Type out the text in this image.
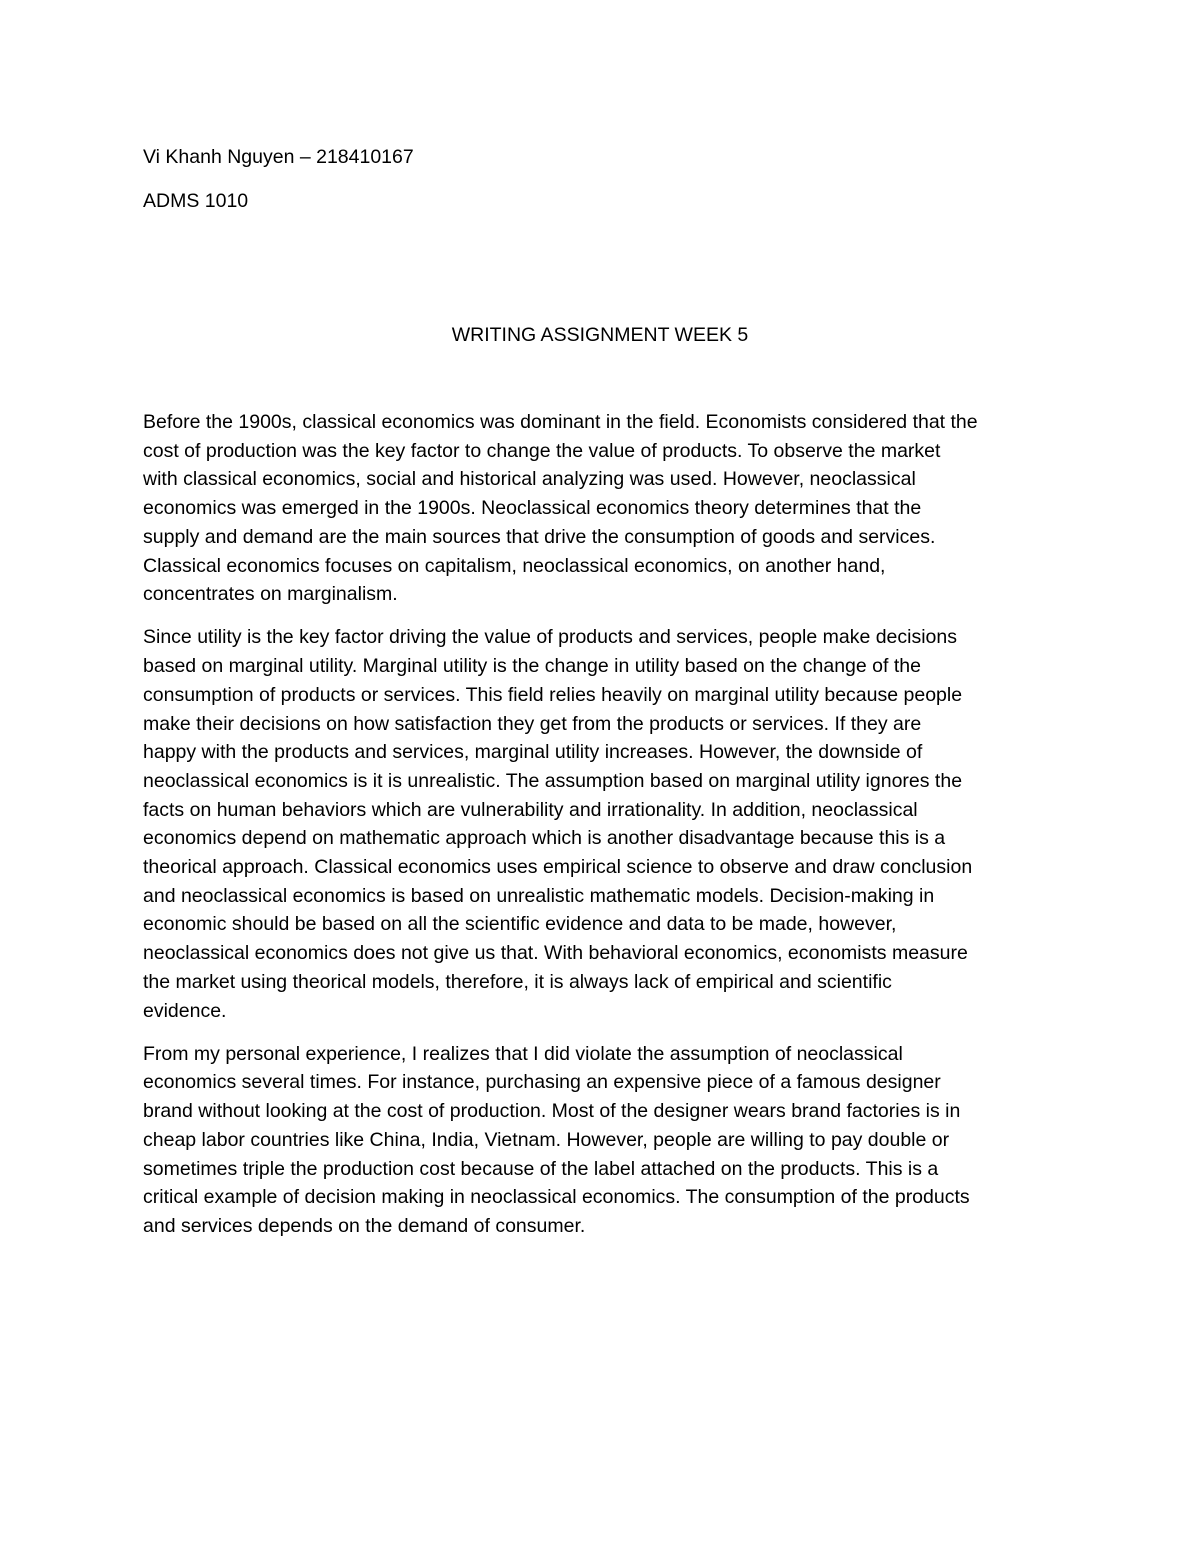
Vi Khanh Nguyen – 218410167
ADMS 1010
WRITING ASSIGNMENT WEEK 5

Before the 1900s, classical economics was dominant in the field. Economists considered that the
cost of production was the key factor to change the value of products. To observe the market
with classical economics, social and historical analyzing was used. However, neoclassical
economics was emerged in the 1900s. Neoclassical economics theory determines that the
supply and demand are the main sources that drive the consumption of goods and services.
Classical economics focuses on capitalism, neoclassical economics, on another hand,
concentrates on marginalism.

Since utility is the key factor driving the value of products and services, people make decisions
based on marginal utility. Marginal utility is the change in utility based on the change of the
consumption of products or services. This field relies heavily on marginal utility because people
make their decisions on how satisfaction they get from the products or services. If they are
happy with the products and services, marginal utility increases. However, the downside of
neoclassical economics is it is unrealistic. The assumption based on marginal utility ignores the
facts on human behaviors which are vulnerability and irrationality. In addition, neoclassical
economics depend on mathematic approach which is another disadvantage because this is a
theorical approach. Classical economics uses empirical science to observe and draw conclusion
and neoclassical economics is based on unrealistic mathematic models. Decision-making in
economic should be based on all the scientific evidence and data to be made, however,
neoclassical economics does not give us that. With behavioral economics, economists measure
the market using theorical models, therefore, it is always lack of empirical and scientific
evidence.

From my personal experience, I realizes that I did violate the assumption of neoclassical
economics several times. For instance, purchasing an expensive piece of a famous designer
brand without looking at the cost of production. Most of the designer wears brand factories is in
cheap labor countries like China, India, Vietnam. However, people are willing to pay double or
sometimes triple the production cost because of the label attached on the products. This is a
critical example of decision making in neoclassical economics. The consumption of the products
and services depends on the demand of consumer.
